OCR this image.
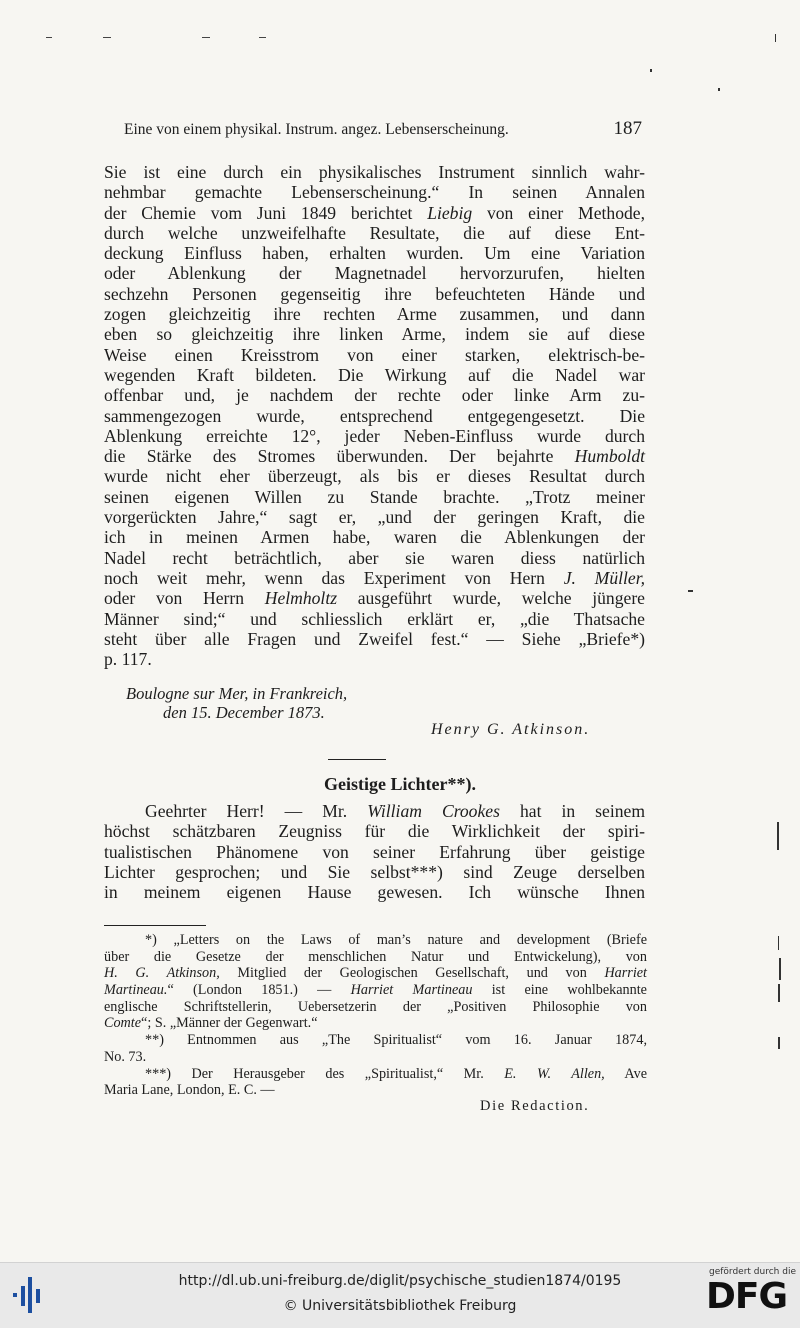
Eine von einem physikal. Instrum. angez. Lebenserscheinung.	187
Sie ist eine durch ein physikalisches Instrument sinnlich wahr-
nehmbar gemachte Lebenserscheinung.“ In seinen Annalen
der Chemie vom Juni 1849 berichtet Liebig von einer Methode,
durch welche unzweifelhafte Resultate, die auf diese Ent-
deckung Einfluss haben, erhalten wurden. Um eine Variation
oder Ablenkung der Magnetnadel hervorzurufen, hielten
sechzehn Personen gegenseitig ihre befeuchteten Hände und
zogen gleichzeitig ihre rechten Arme zusammen, und dann
eben so gleichzeitig ihre linken Arme, indem sie auf diese
Weise einen Kreisstrom von einer starken, elektrisch-be-
wegenden Kraft bildeten. Die Wirkung auf die Nadel war
offenbar und, je nachdem der rechte oder linke Arm zu-
sammengezogen wurde, entsprechend entgegengesetzt. Die
Ablenkung erreichte 12°, jeder Neben-Einfluss wurde durch
die Stärke des Stromes überwunden. Der bejahrte Humboldt
wurde nicht eher überzeugt, als bis er dieses Resultat durch
seinen eigenen Willen zu Stande brachte. „Trotz meiner
vorgerückten Jahre,“ sagt er, „und der geringen Kraft, die
ich in meinen Armen habe, waren die Ablenkungen der
Nadel recht beträchtlich, aber sie waren diess natürlich
noch weit mehr, wenn das Experiment von Hern J. Müller,
oder von Herrn Helmholtz ausgeführt wurde, welche jüngere
Männer sind;“ und schliesslich erklärt er, „die Thatsache
steht über alle Fragen und Zweifel fest.“ — Siehe „Briefe*)
p. 117.
Boulogne sur Mer, in Frankreich,
den 15. December 1873.
Henry G. Atkinson.
Geistige Lichter**).
Geehrter Herr! — Mr. William Crookes hat in seinem
höchst schätzbaren Zeugniss für die Wirklichkeit der spiri-
tualistischen Phänomene von seiner Erfahrung über geistige
Lichter gesprochen; und Sie selbst***) sind Zeuge derselben
in meinem eigenen Hause gewesen. Ich wünsche Ihnen
*) „Letters on the Laws of man’s nature and development (Briefe
über die Gesetze der menschlichen Natur und Entwickelung), von
H. G. Atkinson, Mitglied der Geologischen Gesellschaft, und von Harriet
Martineau.“ (London 1851.) — Harriet Martineau ist eine wohlbekannte
englische Schriftstellerin, Uebersetzerin der „Positiven Philosophie von
Comte“; S. „Männer der Gegenwart.“
**) Entnommen aus „The Spiritualist“ vom 16. Januar 1874,
No. 73.
***) Der Herausgeber des „Spiritualist,“ Mr. E. W. Allen, Ave
Maria Lane, London, E. C. —
Die Redaction.
http://dl.ub.uni-freiburg.de/diglit/psychische_studien1874/0195
© Universitätsbibliothek Freiburg
gefördert durch die
DFG
